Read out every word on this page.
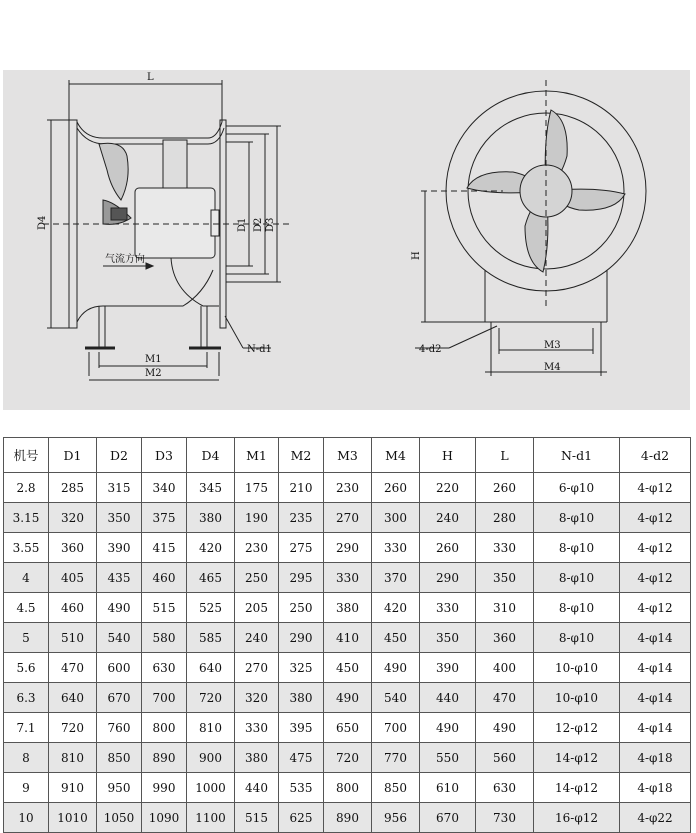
L
D4	D1 D2 D3
M1
M2
N-d1
气流方向	H
M3
M4
4-d2
机号	D1	D2	D3	D4	M1	M2	M3	M4	H	L	N-d1	4-d2
2.8	285	315	340	345	175	210	230	260	220	260	6-φ10	4-φ12
3.15	320	350	375	380	190	235	270	300	240	280	8-φ10	4-φ12
3.55	360	390	415	420	230	275	290	330	260	330	8-φ10	4-φ12
4	405	435	460	465	250	295	330	370	290	350	8-φ10	4-φ12
4.5	460	490	515	525	205	250	380	420	330	310	8-φ10	4-φ12
5	510	540	580	585	240	290	410	450	350	360	8-φ10	4-φ14
5.6	470	600	630	640	270	325	450	490	390	400	10-φ10	4-φ14
6.3	640	670	700	720	320	380	490	540	440	470	10-φ10	4-φ14
7.1	720	760	800	810	330	395	650	700	490	490	12-φ12	4-φ14
8	810	850	890	900	380	475	720	770	550	560	14-φ12	4-φ18
9	910	950	990	1000	440	535	800	850	610	630	14-φ12	4-φ18
10	1010	1050	1090	1100	515	625	890	956	670	730	16-φ12	4-φ22
